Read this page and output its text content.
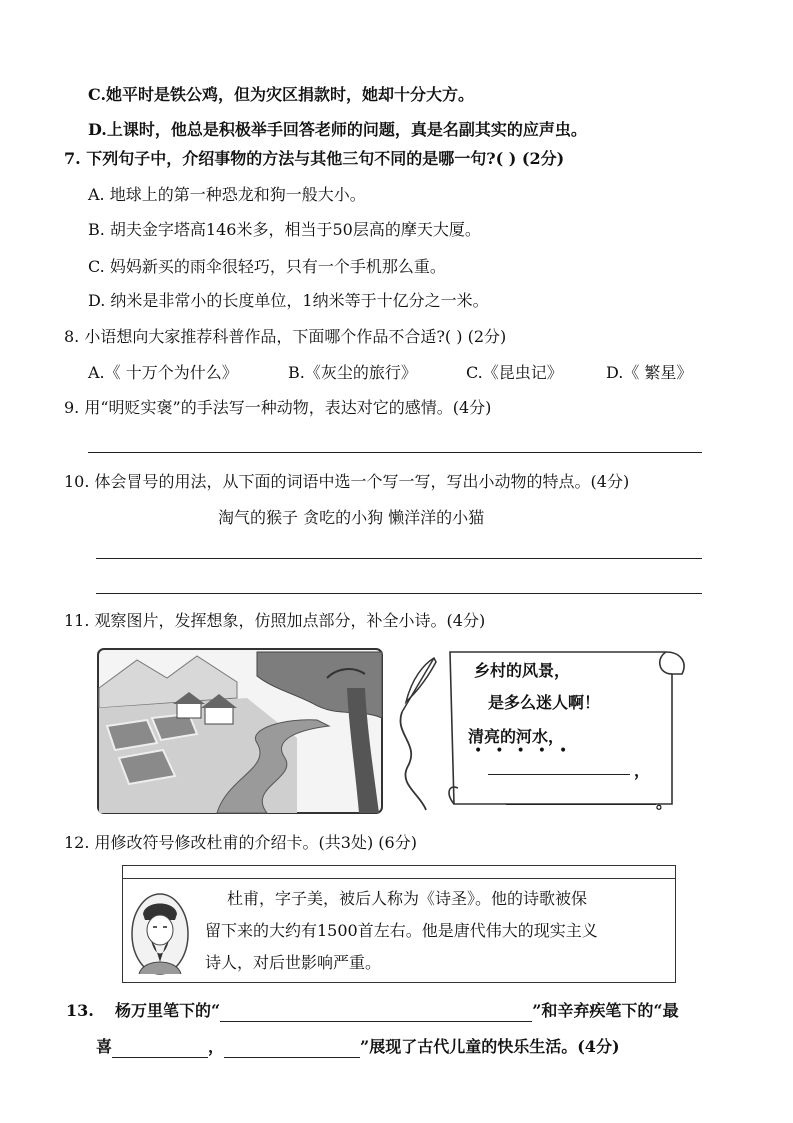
C.她平时是铁公鸡，但为灾区捐款时，她却十分大方。
D.上课时，他总是积极举手回答老师的问题，真是名副其实的应声虫。
7. 下列句子中，介绍事物的方法与其他三句不同的是哪一句?( ) (2分)
A. 地球上的第一种恐龙和狗一般大小。
B. 胡夫金字塔高146米多，相当于50层高的摩天大厦。
C. 妈妈新买的雨伞很轻巧，只有一个手机那么重。
D. 纳米是非常小的长度单位，1纳米等于十亿分之一米。
8. 小语想向大家推荐科普作品，下面哪个作品不合适?( ) (2分)
A.《 十万个为什么》	B.《灰尘的旅行》	C.《昆虫记》	D.《 繁星》
9. 用“明贬实褒”的手法写一种动物，表达对它的感情。(4分)
10. 体会冒号的用法，从下面的词语中选一个写一写，写出小动物的特点。(4分)
淘气的猴子 贪吃的小狗 懒洋洋的小猫
11. 观察图片，发挥想象，仿照加点部分，补全小诗。(4分)
乡村的风景，
是多么迷人啊！
清亮的河水，
•••••
，
。
12. 用修改符号修改杜甫的介绍卡。(共3处) (6分)
杜甫，字子美，被后人称为《诗圣》。他的诗歌被保
留下来的大约有1500首左右。他是唐代伟大的现实主义
诗人，对后世影响严重。
13. 杨万里笔下的“	”和辛弃疾笔下的“最
喜	，	”展现了古代儿童的快乐生活。(4分)
